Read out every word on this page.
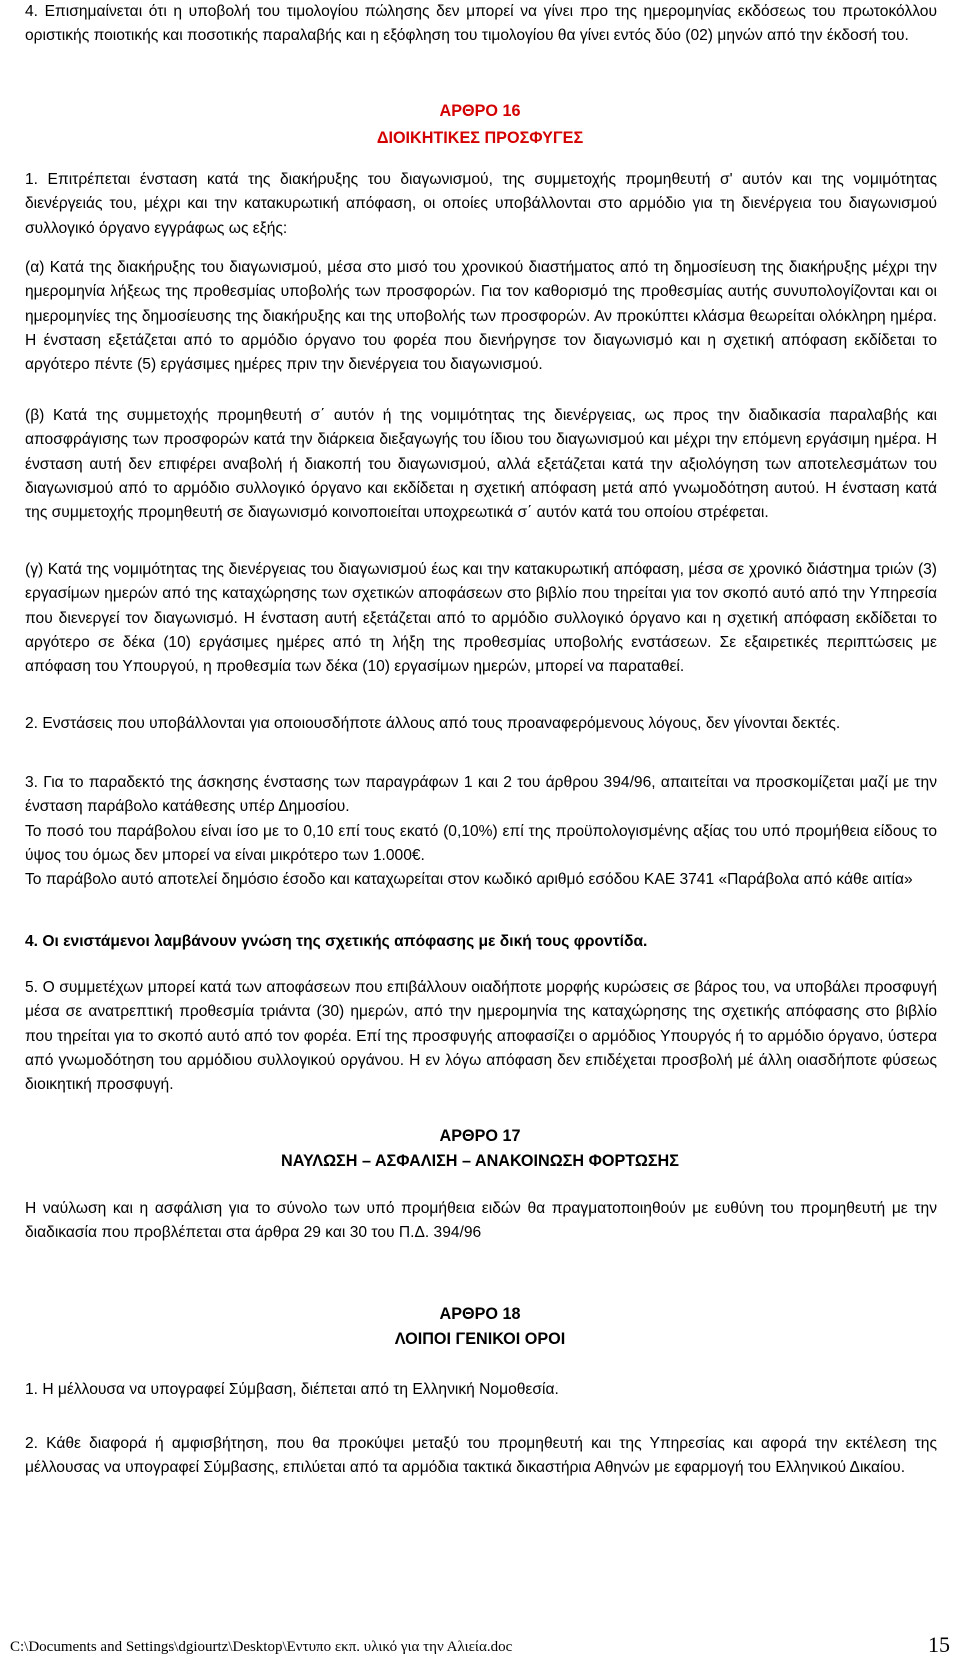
4. Επισημαίνεται ότι η υποβολή του τιμολογίου πώλησης δεν μπορεί να γίνει προ της ημερομηνίας εκδόσεως του πρωτοκόλλου οριστικής ποιοτικής και ποσοτικής παραλαβής και η εξόφληση του τιμολογίου θα γίνει εντός δύο (02) μηνών από την έκδοσή του.

ΑΡΘΡΟ 16

ΔΙΟΙΚΗΤΙΚΕΣ ΠΡΟΣΦΥΓΕΣ

1. Επιτρέπεται ένσταση κατά της διακήρυξης του διαγωνισμού, της συμμετοχής προμηθευτή σ' αυτόν και της νομιμότητας διενέργειάς του, μέχρι και την κατακυρωτική απόφαση, οι οποίες υποβάλλονται στο αρμόδιο για τη διενέργεια του διαγωνισμού συλλογικό όργανο εγγράφως ως εξής:

(α) Κατά της διακήρυξης του διαγωνισμού, μέσα στο μισό του χρονικού διαστήματος από τη δημοσίευση της διακήρυξης μέχρι την ημερομηνία λήξεως της προθεσμίας υποβολής των προσφορών. Για τον καθορισμό της προθεσμίας αυτής συνυπολογίζονται και οι ημερομηνίες της δημοσίευσης της διακήρυξης και της υποβολής των προσφορών. Αν προκύπτει κλάσμα θεωρείται ολόκληρη ημέρα. Η ένσταση εξετάζεται από το αρμόδιο όργανο του φορέα που διενήργησε τον διαγωνισμό και η σχετική απόφαση εκδίδεται το αργότερο πέντε (5) εργάσιμες ημέρες πριν την διενέργεια του διαγωνισμού.

(β) Κατά της συμμετοχής προμηθευτή σ΄ αυτόν ή της νομιμότητας της διενέργειας, ως προς την διαδικασία παραλαβής και αποσφράγισης των προσφορών κατά την διάρκεια διεξαγωγής του ίδιου του διαγωνισμού και μέχρι την επόμενη εργάσιμη ημέρα. Η ένσταση αυτή δεν επιφέρει αναβολή ή διακοπή του διαγωνισμού, αλλά εξετάζεται κατά την αξιολόγηση των αποτελεσμάτων του διαγωνισμού από το αρμόδιο συλλογικό όργανο και εκδίδεται η σχετική απόφαση μετά από γνωμοδότηση αυτού. Η ένσταση κατά της συμμετοχής προμηθευτή σε διαγωνισμό κοινοποιείται υποχρεωτικά σ΄ αυτόν κατά του οποίου στρέφεται.

(γ) Κατά της νομιμότητας της διενέργειας του διαγωνισμού έως και την κατακυρωτική απόφαση, μέσα σε χρονικό διάστημα τριών (3) εργασίμων ημερών από της καταχώρησης των σχετικών αποφάσεων στο βιβλίο που τηρείται για τον σκοπό αυτό από την Υπηρεσία που διενεργεί τον διαγωνισμό. Η ένσταση αυτή εξετάζεται από το αρμόδιο συλλογικό όργανο και η σχετική απόφαση εκδίδεται το αργότερο σε δέκα (10) εργάσιμες ημέρες από τη λήξη της προθεσμίας υποβολής ενστάσεων. Σε εξαιρετικές περιπτώσεις με απόφαση του Υπουργού, η προθεσμία των δέκα (10) εργασίμων ημερών, μπορεί να παραταθεί.

2. Ενστάσεις που υποβάλλονται για οποιουσδήποτε άλλους από τους προαναφερόμενους λόγους, δεν γίνονται δεκτές.

3. Για το παραδεκτό της άσκησης ένστασης των παραγράφων 1 και 2 του άρθρου 394/96, απαιτείται να προσκομίζεται μαζί με την ένσταση παράβολο κατάθεσης υπέρ Δημοσίου.

Το ποσό του παράβολου είναι ίσο με το 0,10 επί τους εκατό (0,10%) επί της προϋπολογισμένης αξίας του υπό προμήθεια είδους το ύψος του όμως δεν μπορεί να είναι μικρότερο των 1.000€.

Το παράβολο αυτό αποτελεί δημόσιο έσοδο και καταχωρείται στον κωδικό αριθμό εσόδου ΚΑΕ 3741 «Παράβολα από κάθε αιτία»

4. Οι ενιστάμενοι λαμβάνουν γνώση της σχετικής απόφασης με δική τους φροντίδα.

5. Ο συμμετέχων μπορεί κατά των αποφάσεων που επιβάλλουν οιαδήποτε μορφής κυρώσεις σε βάρος του, να υποβάλει προσφυγή μέσα σε ανατρεπτική προθεσμία τριάντα (30) ημερών, από την ημερομηνία της καταχώρησης της σχετικής απόφασης στο βιβλίο που τηρείται για το σκοπό αυτό από τον φορέα. Επί της προσφυγής αποφασίζει ο αρμόδιος Υπουργός ή το αρμόδιο όργανο, ύστερα από γνωμοδότηση του αρμόδιου συλλογικού οργάνου. Η εν λόγω απόφαση δεν επιδέχεται προσβολή μέ άλλη οιασδήποτε φύσεως διοικητική προσφυγή.

ΑΡΘΡΟ 17

ΝΑΥΛΩΣΗ – ΑΣΦΑΛΙΣΗ – ΑΝΑΚΟΙΝΩΣΗ ΦΟΡΤΩΣΗΣ

Η ναύλωση και η ασφάλιση για το σύνολο των υπό προμήθεια ειδών θα πραγματοποιηθούν με ευθύνη του προμηθευτή με την διαδικασία που προβλέπεται στα άρθρα 29 και 30 του Π.Δ. 394/96

ΑΡΘΡΟ 18

ΛΟΙΠΟΙ ΓΕΝΙΚΟΙ ΟΡΟΙ

1. Η μέλλουσα να υπογραφεί Σύμβαση, διέπεται από τη Ελληνική Νομοθεσία.

2. Κάθε διαφορά ή αμφισβήτηση, που θα προκύψει μεταξύ του προμηθευτή και της Υπηρεσίας και αφορά την εκτέλεση της μέλλουσας να υπογραφεί Σύμβασης, επιλύεται από τα αρμόδια τακτικά δικαστήρια Αθηνών με εφαρμογή του Ελληνικού Δικαίου.

C:\Documents and Settings\dgiourtz\Desktop\Εντυπο εκπ. υλικό για την Αλιεία.doc	15
